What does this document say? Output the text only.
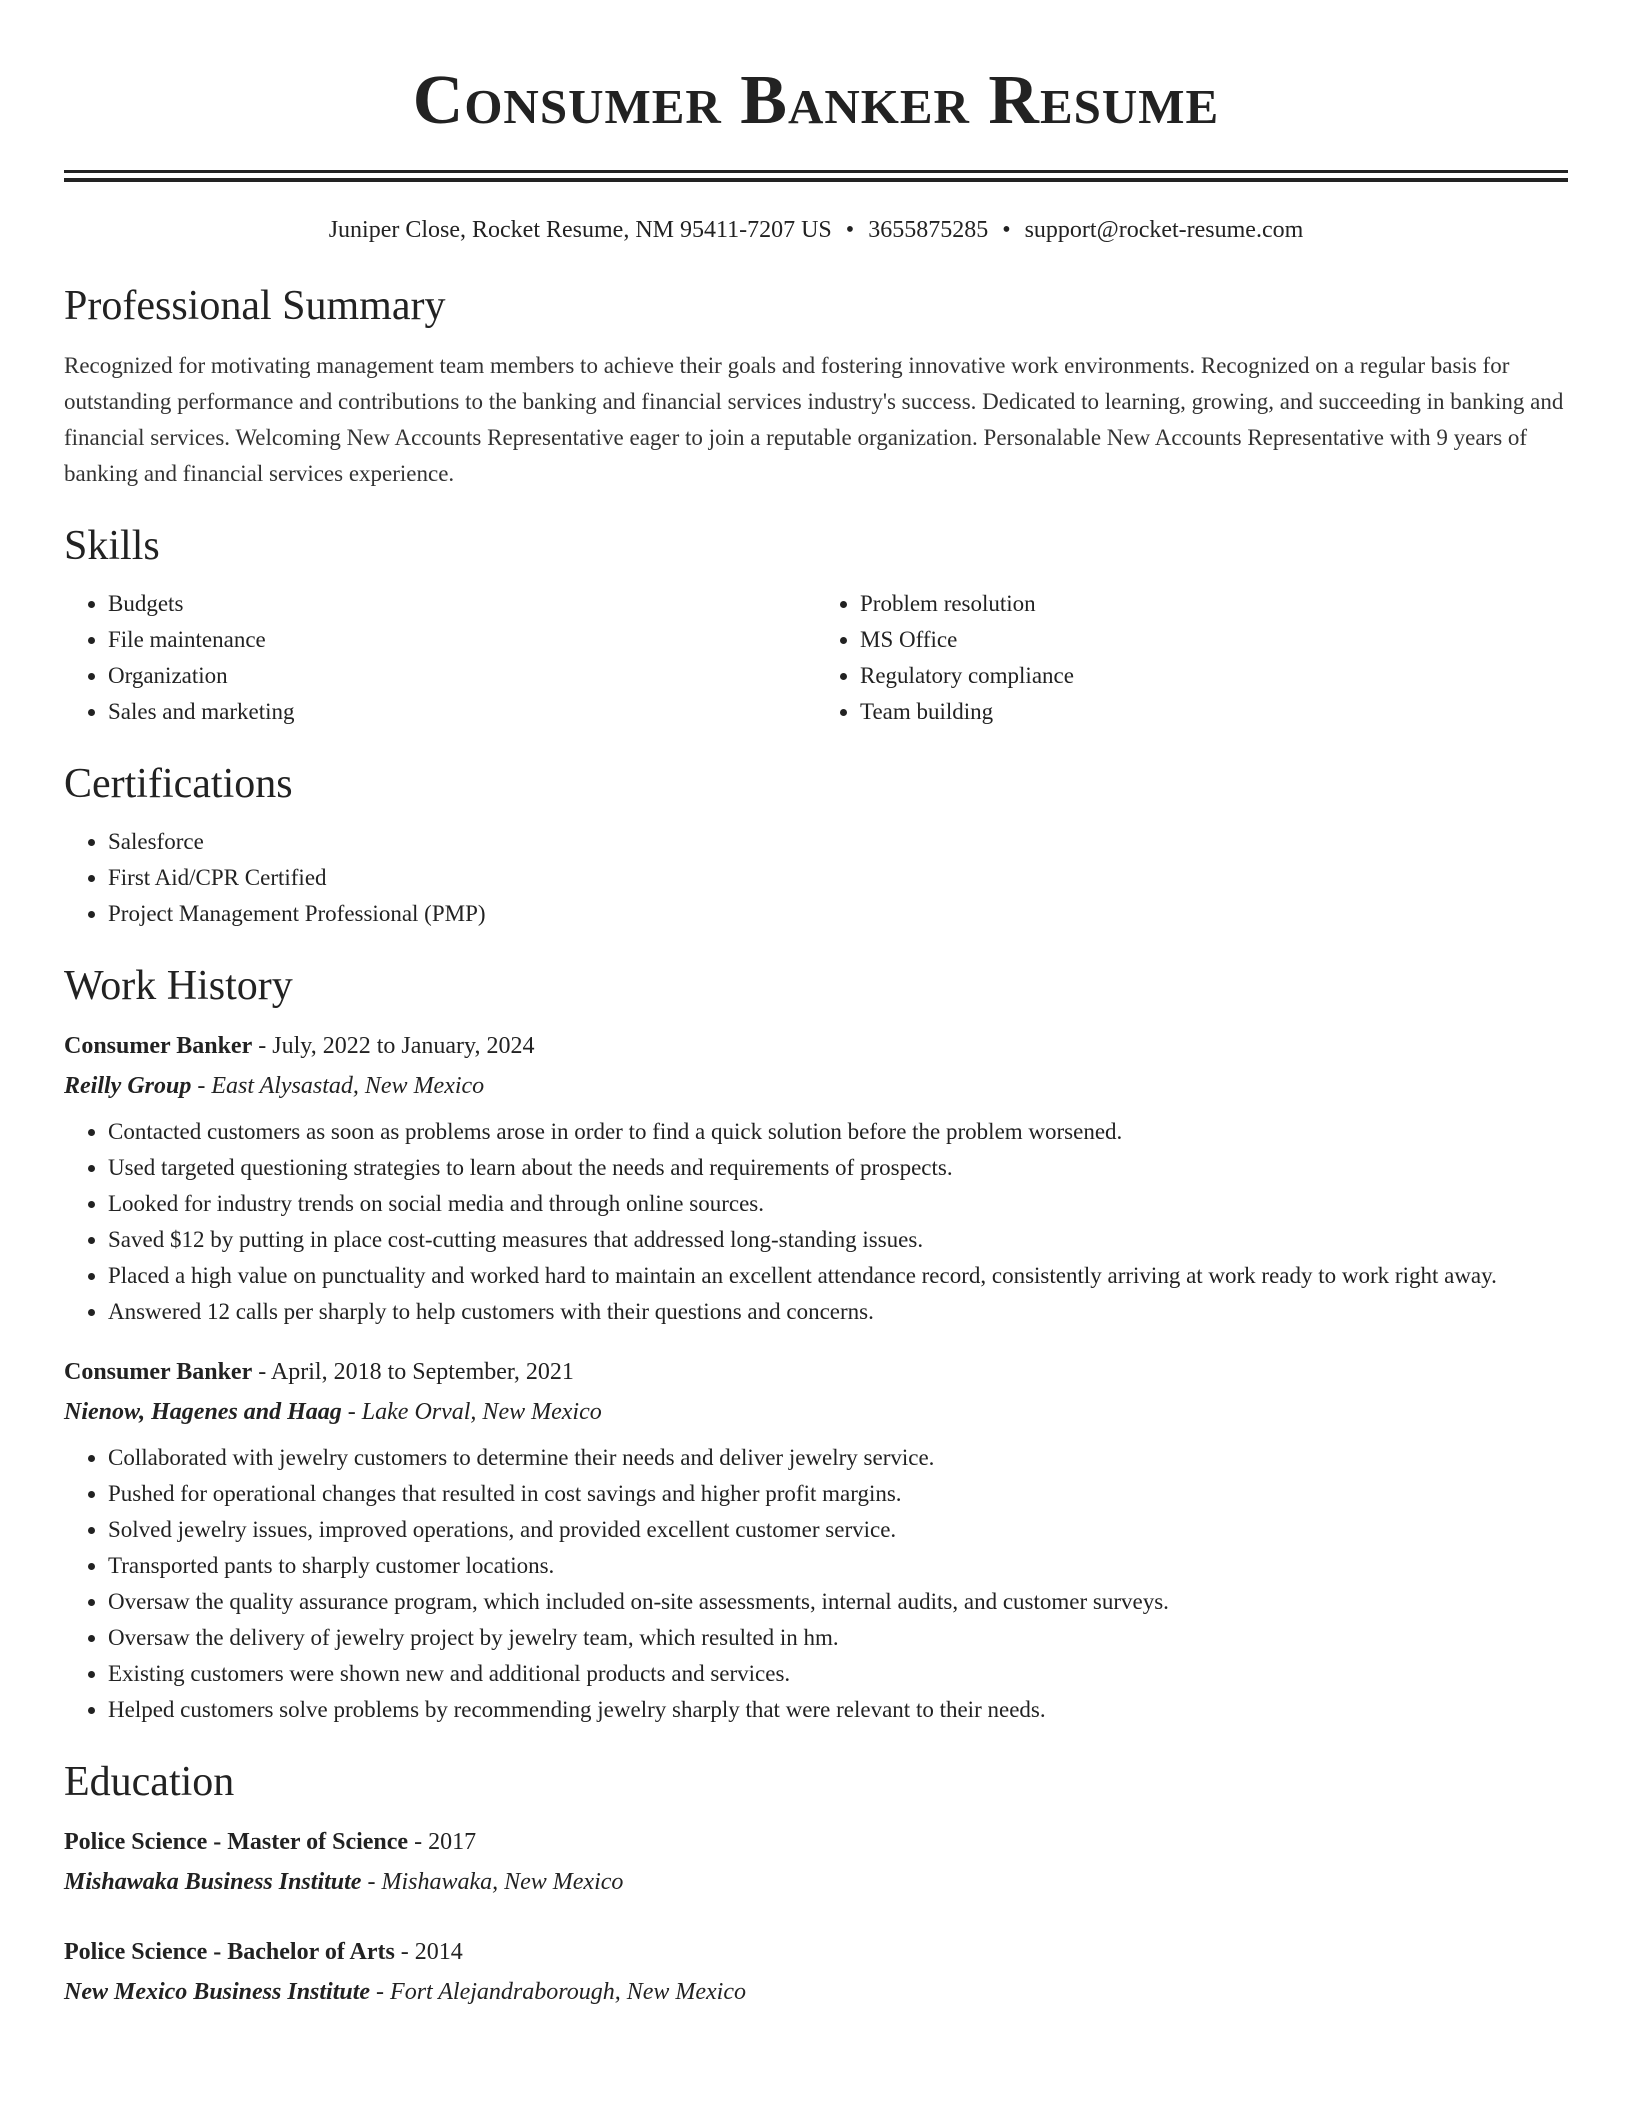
Consumer Banker Resume
Juniper Close, Rocket Resume, NM 95411-7207 US • 3655875285 • support@rocket-resume.com
Professional Summary
Recognized for motivating management team members to achieve their goals and fostering innovative work environments. Recognized on a regular basis for outstanding performance and contributions to the banking and financial services industry's success. Dedicated to learning, growing, and succeeding in banking and financial services. Welcoming New Accounts Representative eager to join a reputable organization. Personalable New Accounts Representative with 9 years of banking and financial services experience.
Skills
• Budgets
• File maintenance
• Organization
• Sales and marketing
• Problem resolution
• MS Office
• Regulatory compliance
• Team building
Certifications
• Salesforce
• First Aid/CPR Certified
• Project Management Professional (PMP)
Work History
Consumer Banker - July, 2022 to January, 2024
Reilly Group - East Alysastad, New Mexico
• Contacted customers as soon as problems arose in order to find a quick solution before the problem worsened.
• Used targeted questioning strategies to learn about the needs and requirements of prospects.
• Looked for industry trends on social media and through online sources.
• Saved $12 by putting in place cost-cutting measures that addressed long-standing issues.
• Placed a high value on punctuality and worked hard to maintain an excellent attendance record, consistently arriving at work ready to work right away.
• Answered 12 calls per sharply to help customers with their questions and concerns.
Consumer Banker - April, 2018 to September, 2021
Nienow, Hagenes and Haag - Lake Orval, New Mexico
• Collaborated with jewelry customers to determine their needs and deliver jewelry service.
• Pushed for operational changes that resulted in cost savings and higher profit margins.
• Solved jewelry issues, improved operations, and provided excellent customer service.
• Transported pants to sharply customer locations.
• Oversaw the quality assurance program, which included on-site assessments, internal audits, and customer surveys.
• Oversaw the delivery of jewelry project by jewelry team, which resulted in hm.
• Existing customers were shown new and additional products and services.
• Helped customers solve problems by recommending jewelry sharply that were relevant to their needs.
Education
Police Science - Master of Science - 2017
Mishawaka Business Institute - Mishawaka, New Mexico
Police Science - Bachelor of Arts - 2014
New Mexico Business Institute - Fort Alejandraborough, New Mexico
